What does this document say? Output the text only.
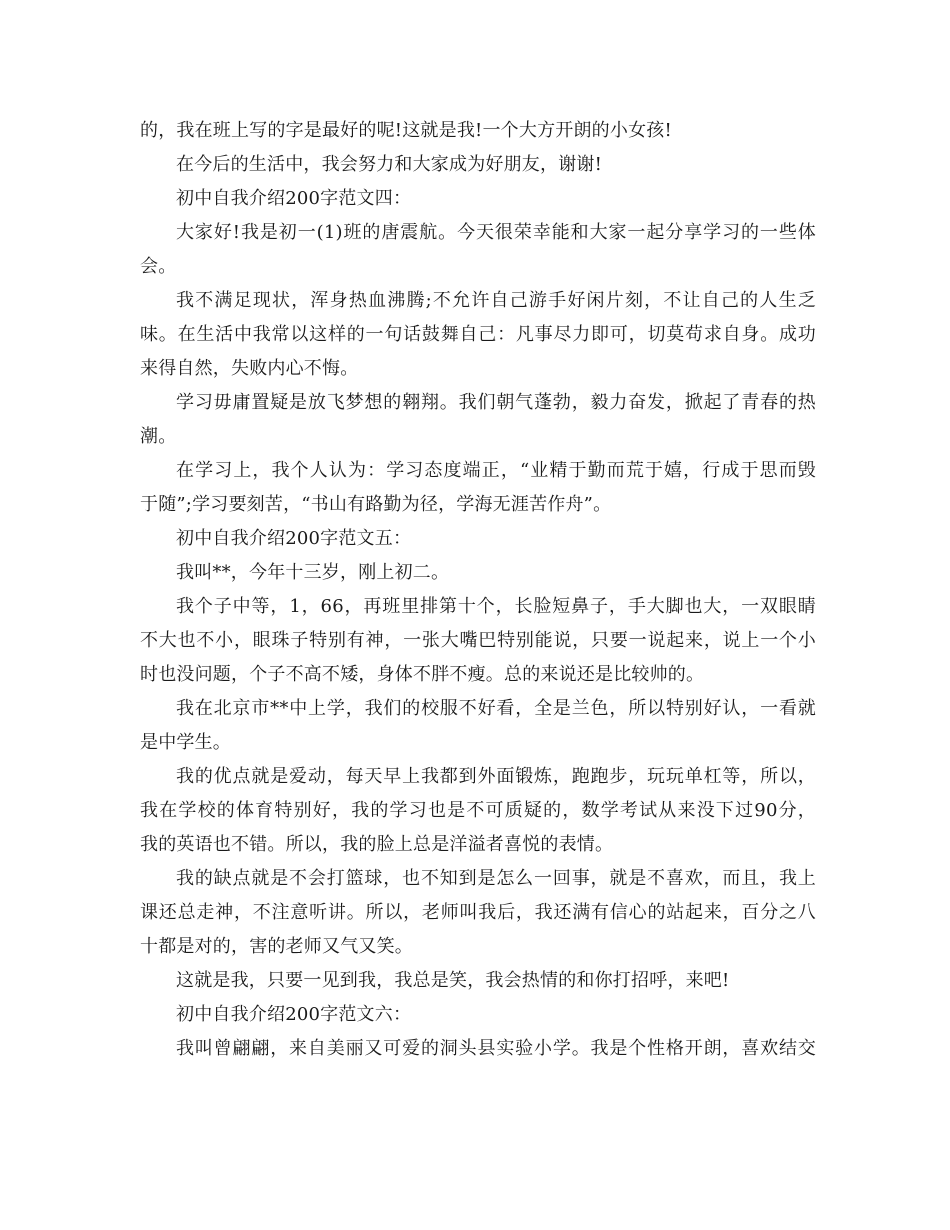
的，我在班上写的字是最好的呢!这就是我!一个大方开朗的小女孩!
在今后的生活中，我会努力和大家成为好朋友，谢谢!
初中自我介绍200字范文四：
大家好!我是初一(1)班的唐震航。今天很荣幸能和大家一起分享学习的一些体
会。
我不满足现状，浑身热血沸腾;不允许自己游手好闲片刻，不让自己的人生乏
味。在生活中我常以这样的一句话鼓舞自己：凡事尽力即可，切莫苟求自身。成功
来得自然，失败内心不悔。
学习毋庸置疑是放飞梦想的翱翔。我们朝气蓬勃，毅力奋发，掀起了青春的热
潮。
在学习上，我个人认为：学习态度端正，“业精于勤而荒于嬉，行成于思而毁
于随”;学习要刻苦，“书山有路勤为径，学海无涯苦作舟”。
初中自我介绍200字范文五：
我叫**，今年十三岁，刚上初二。
我个子中等，1，66，再班里排第十个，长脸短鼻子，手大脚也大，一双眼睛
不大也不小，眼珠子特别有神，一张大嘴巴特别能说，只要一说起来，说上一个小
时也没问题，个子不高不矮，身体不胖不瘦。总的来说还是比较帅的。
我在北京市**中上学，我们的校服不好看，全是兰色，所以特别好认，一看就
是中学生。
我的优点就是爱动，每天早上我都到外面锻炼，跑跑步，玩玩单杠等，所以，
我在学校的体育特别好，我的学习也是不可质疑的，数学考试从来没下过90分，
我的英语也不错。所以，我的脸上总是洋溢者喜悦的表情。
我的缺点就是不会打篮球，也不知到是怎么一回事，就是不喜欢，而且，我上
课还总走神，不注意听讲。所以，老师叫我后，我还满有信心的站起来，百分之八
十都是对的，害的老师又气又笑。
这就是我，只要一见到我，我总是笑，我会热情的和你打招呼，来吧!
初中自我介绍200字范文六：
我叫曾翩翩，来自美丽又可爱的洞头县实验小学。我是个性格开朗，喜欢结交
